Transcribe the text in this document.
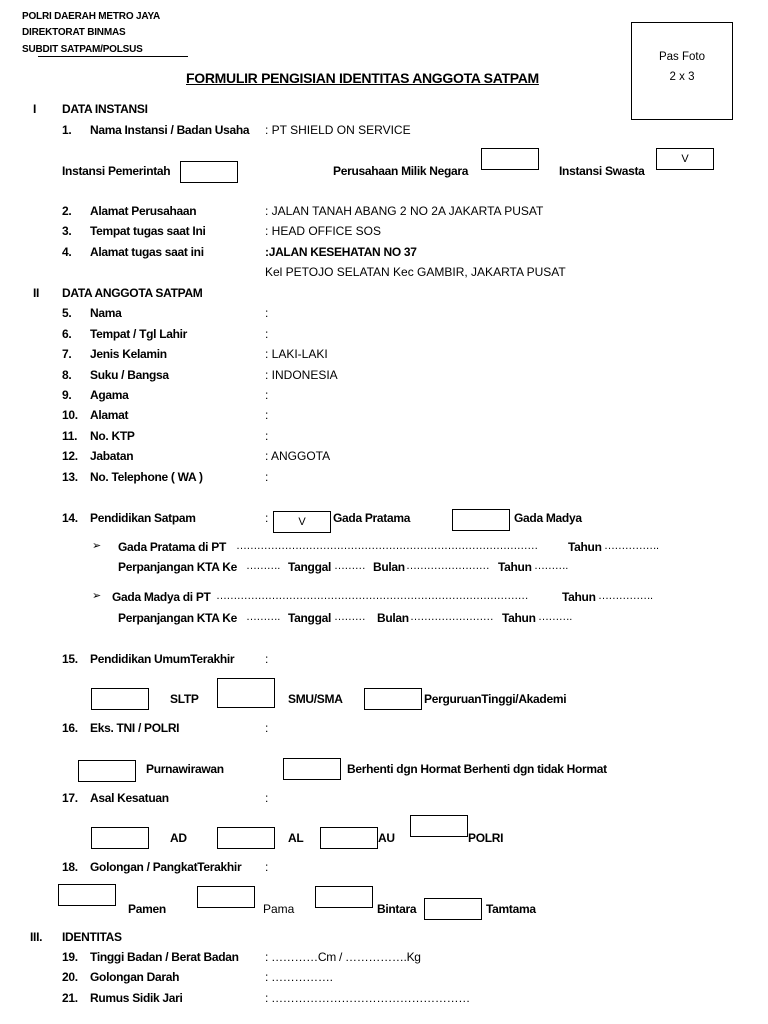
POLRI DAERAH METRO JAYA
DIREKTORAT BINMAS
SUBDIT SATPAM/POLSUS
Pas Foto
2 x 3
FORMULIR PENGISIAN IDENTITAS ANGGOTA SATPAM
I DATA INSTANSI
1. Nama Instansi / Badan Usaha : PT SHIELD ON SERVICE
Instansi Pemerintah	Perusahaan Milik Negara	Instansi Swasta
V
2. Alamat Perusahaan	: JALAN TANAH ABANG 2 NO 2A JAKARTA PUSAT
3. Tempat tugas saat Ini	: HEAD OFFICE SOS
4. Alamat tugas saat ini	:JALAN KESEHATAN NO 37
Kel PETOJO SELATAN Kec GAMBIR, JAKARTA PUSAT
II DATA ANGGOTA SATPAM
5. Nama	:
6. Tempat / Tgl Lahir	:
7. Jenis Kelamin	: LAKI-LAKI
8. Suku / Bangsa	: INDONESIA
9. Agama	:
10. Alamat	:
11. No. KTP	:
12. Jabatan	: ANGGOTA
13. No. Telephone ( WA )	:
14. Pendidikan Satpam	:	V	Gada Pratama	Gada Madya
➢ Gada Pratama di PT ……………………………………………………………………………	Tahun …………….
Perpanjangan KTA Ke ………. Tanggal ……… Bulan …………………… Tahun ……….
➢ Gada Madya di PT ………………………………………………………………………………	Tahun …………….
Perpanjangan KTA Ke ………. Tanggal ……… Bulan …………………… Tahun ……….
15. Pendidikan UmumTerakhir	:
SLTP	SMU/SMA	PerguruanTinggi/Akademi
16. Eks. TNI / POLRI	:
Purnawirawan	Berhenti dgn Hormat Berhenti dgn tidak Hormat
17. Asal Kesatuan	:
AD	AL	AU	POLRI
18. Golongan / PangkatTerakhir :
Pamen	Pama	Bintara	Tamtama
III. IDENTITAS
19. Tinggi Badan / Berat Badan : …………Cm / …………….Kg
20. Golongan Darah	: …………….
21. Rumus Sidik Jari	: ……………………………………………
